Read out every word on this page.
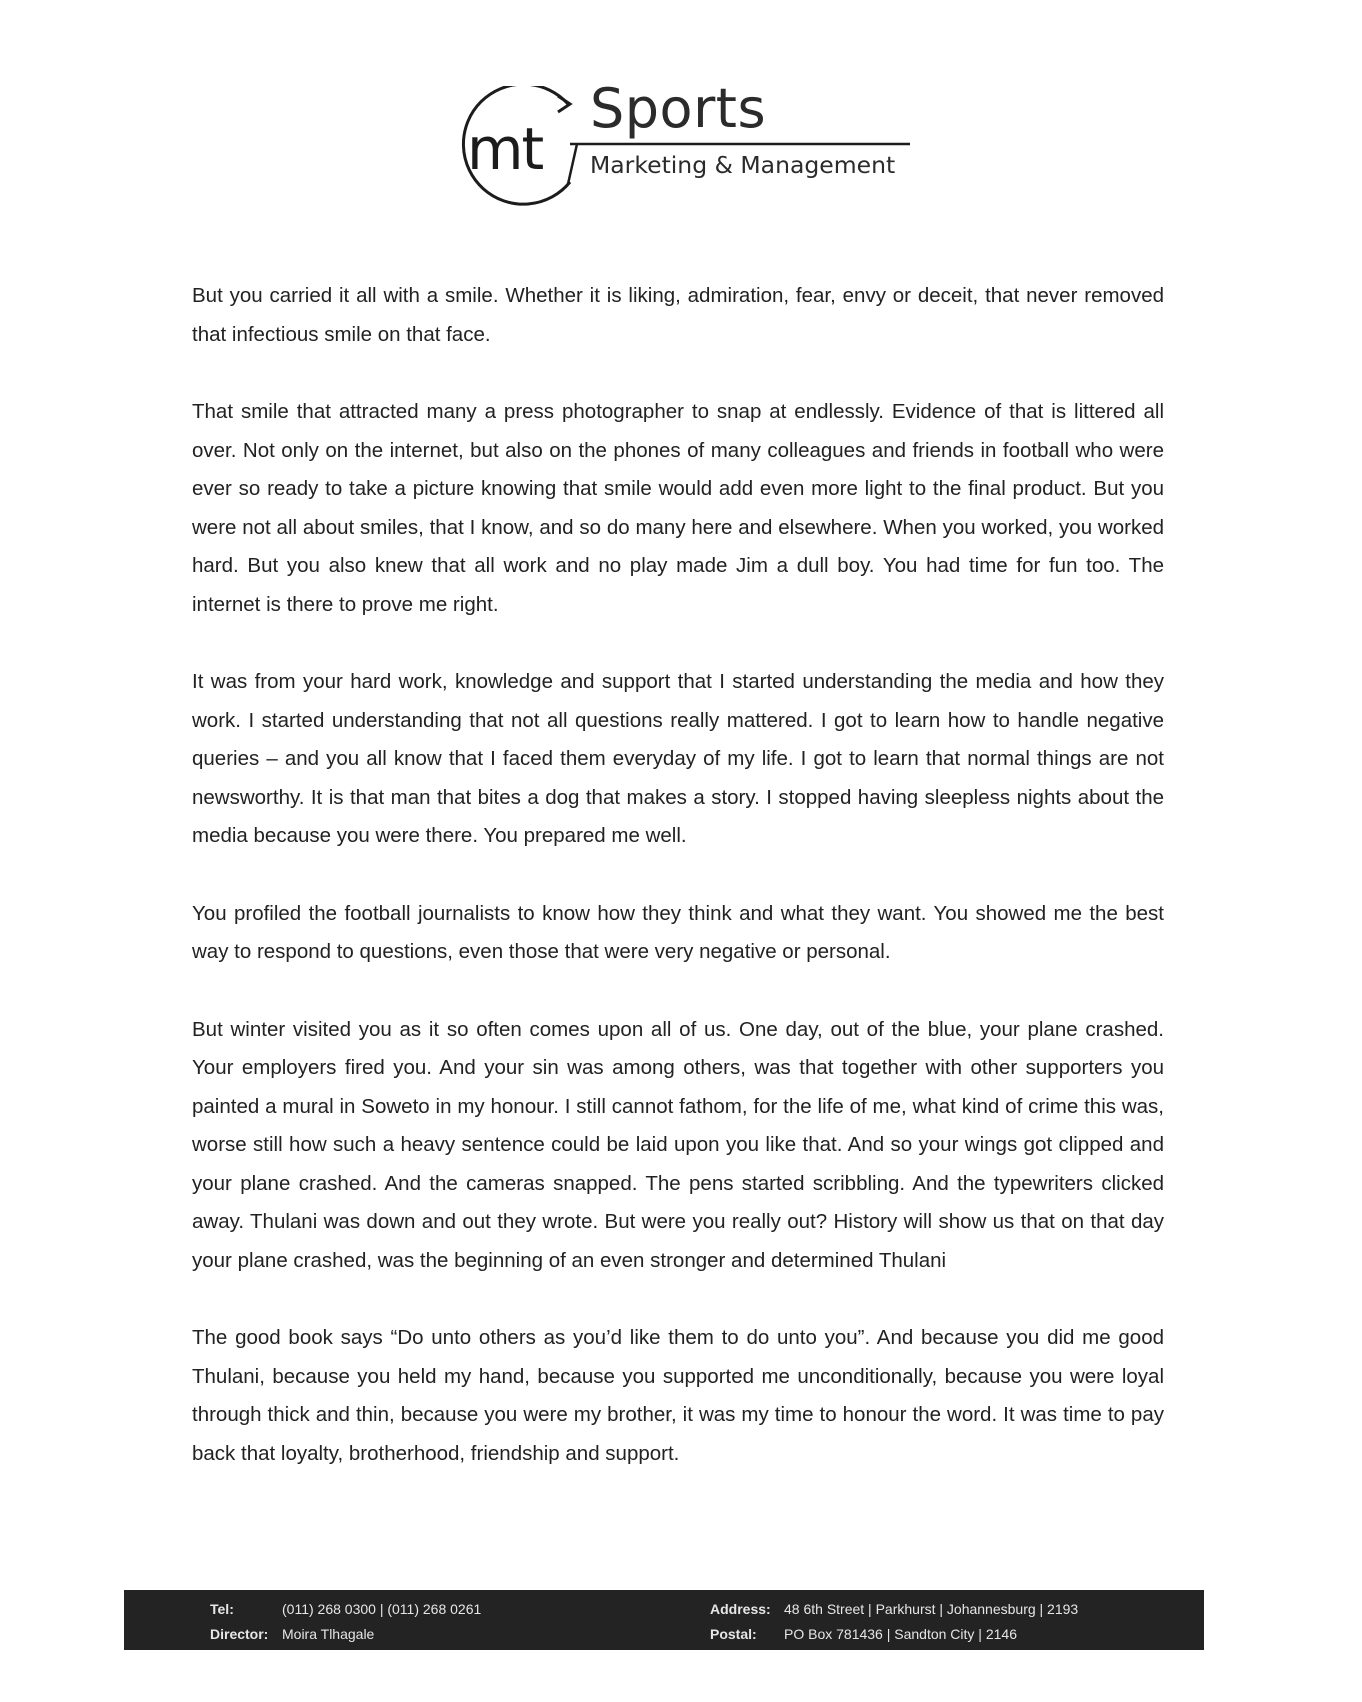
mt
Sports
Marketing & Management

But you carried it all with a smile. Whether it is liking, admiration, fear, envy or deceit, that never removed that infectious smile on that face.

That smile that attracted many a press photographer to snap at endlessly. Evidence of that is littered all over. Not only on the internet, but also on the phones of many colleagues and friends in football who were ever so ready to take a picture knowing that smile would add even more light to the final product. But you were not all about smiles, that I know, and so do many here and elsewhere. When you worked, you worked hard. But you also knew that all work and no play made Jim a dull boy. You had time for fun too. The internet is there to prove me right.

It was from your hard work, knowledge and support that I started understanding the media and how they work. I started understanding that not all questions really mattered. I got to learn how to handle negative queries – and you all know that I faced them everyday of my life. I got to learn that normal things are not newsworthy. It is that man that bites a dog that makes a story. I stopped having sleepless nights about the media because you were there. You prepared me well.

You profiled the football journalists to know how they think and what they want. You showed me the best way to respond to questions, even those that were very negative or personal.

But winter visited you as it so often comes upon all of us. One day, out of the blue, your plane crashed. Your employers fired you. And your sin was among others, was that together with other supporters you painted a mural in Soweto in my honour. I still cannot fathom, for the life of me, what kind of crime this was, worse still how such a heavy sentence could be laid upon you like that. And so your wings got clipped and your plane crashed. And the cameras snapped. The pens started scribbling. And the typewriters clicked away. Thulani was down and out they wrote. But were you really out? History will show us that on that day your plane crashed, was the beginning of an even stronger and determined Thulani

The good book says “Do unto others as you’d like them to do unto you”. And because you did me good Thulani, because you held my hand, because you supported me unconditionally, because you were loyal through thick and thin, because you were my brother, it was my time to honour the word. It was time to pay back that loyalty, brotherhood, friendship and support.

Tel:	(011) 268 0300 | (011) 268 0261
Director: Moira Tlhagale
Address: 48 6th Street | Parkhurst | Johannesburg | 2193
Postal: PO Box 781436 | Sandton City | 2146
